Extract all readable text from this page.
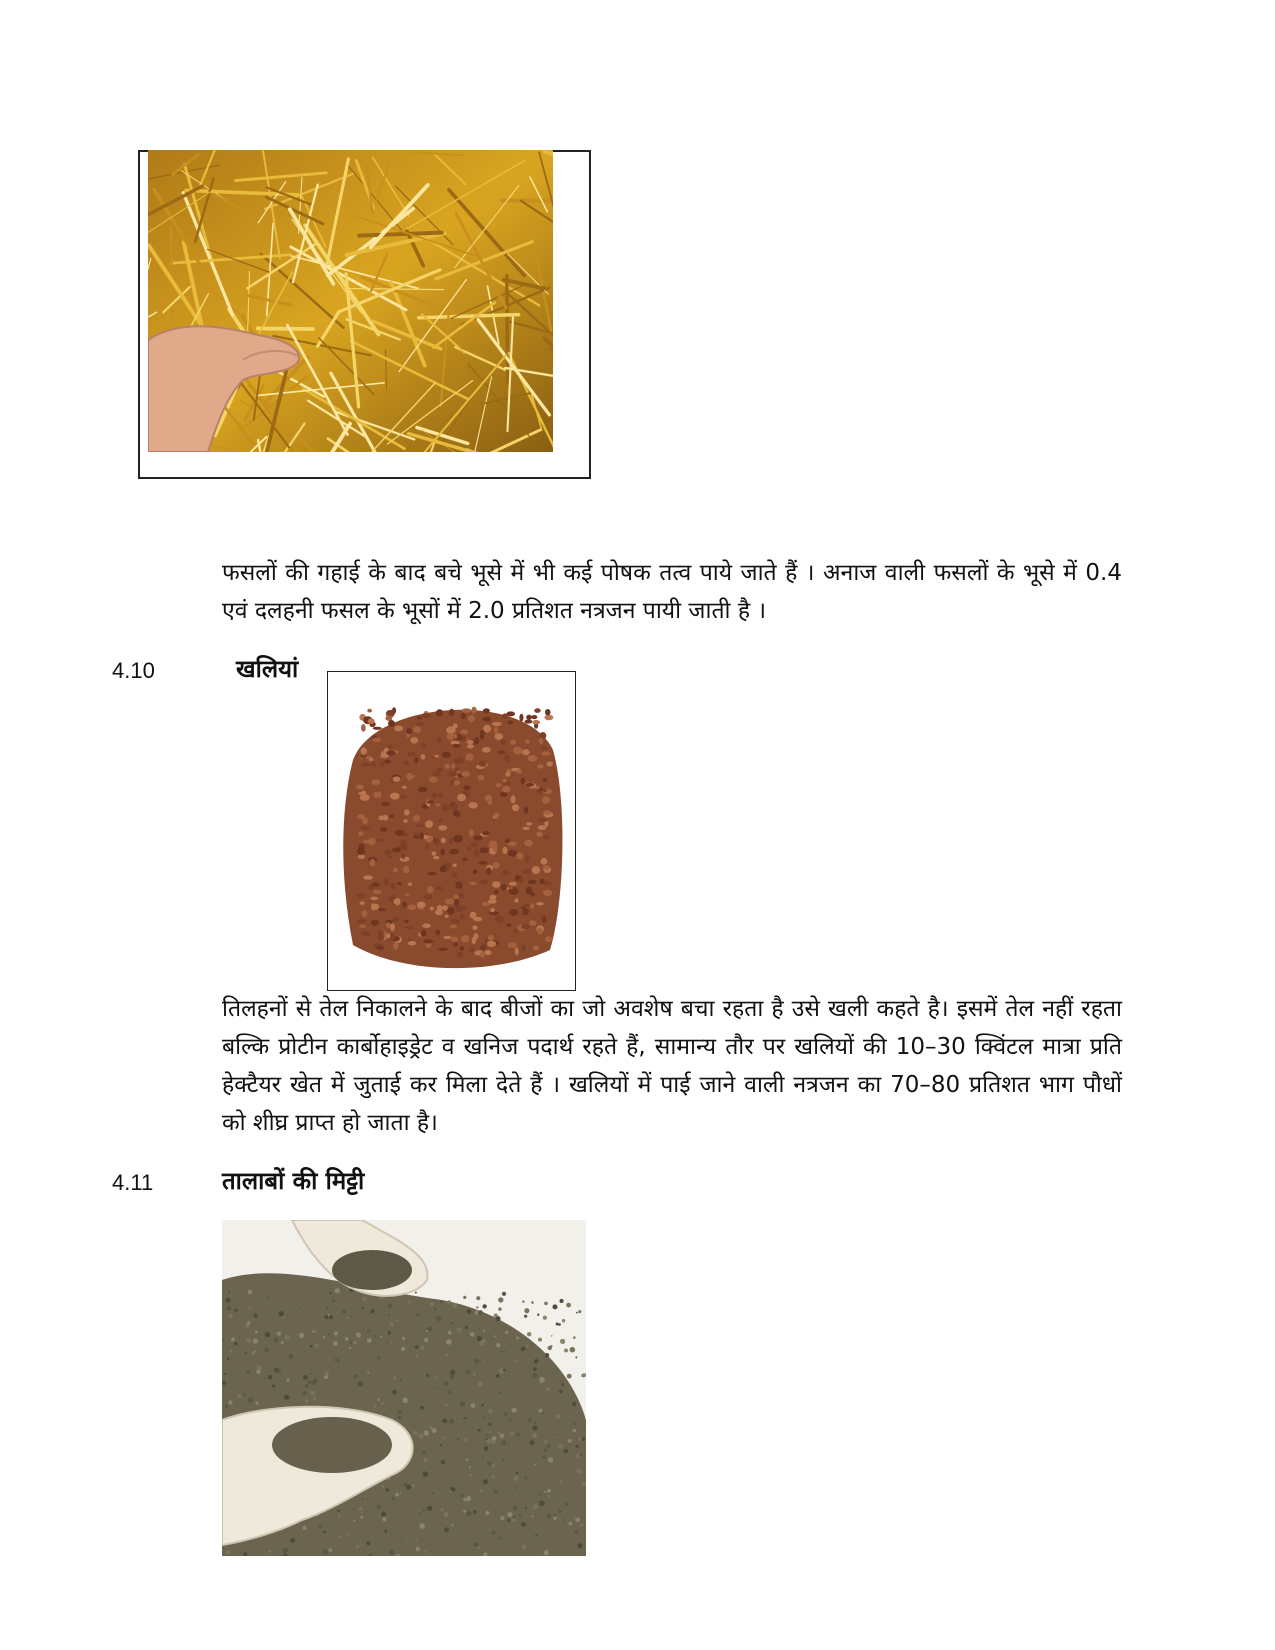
फसलों की गहाई के बाद बचे भूसे में भी कई पोषक तत्व पाये जाते हैं । अनाज वाली फसलों के भूसे में 0.4 एवं दलहनी फसल के भूसों में 2.0 प्रतिशत नत्रजन पायी जाती है ।
4.10	खलियां
तिलहनों से तेल निकालने के बाद बीजों का जो अवशेष बचा रहता है उसे खली कहते है। इसमें तेल नहीं रहता बल्कि प्रोटीन कार्बोहाइड्रेट व खनिज पदार्थ रहते हैं, सामान्य तौर पर खलियों की 10–30 क्विंटल मात्रा प्रति हेक्टैयर खेत में जुताई कर मिला देते हैं । खलियों में पाई जाने वाली नत्रजन का 70–80 प्रतिशत भाग पौधों को शीघ्र प्राप्त हो जाता है।
4.11	तालाबों की मिट्टी
